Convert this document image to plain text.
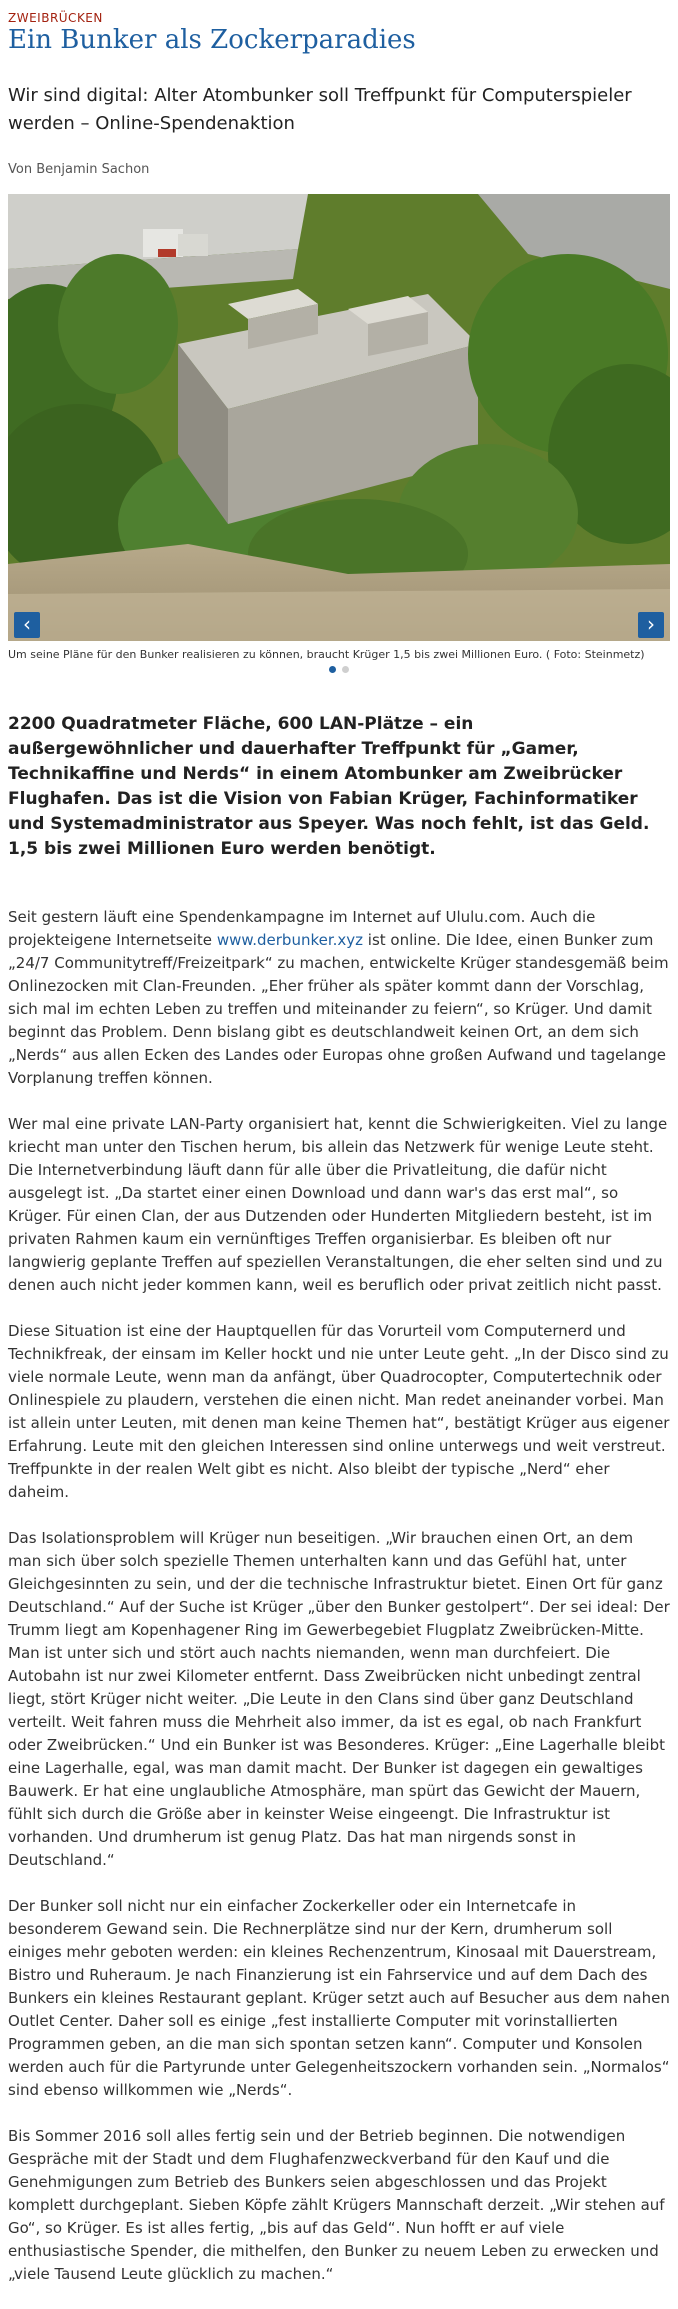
ZWEIBRÜCKEN
Ein Bunker als Zockerparadies
Wir sind digital: Alter Atombunker soll Treffpunkt für Computerspieler werden – Online-Spendenaktion
Von Benjamin Sachon
‹	›
Um seine Pläne für den Bunker realisieren zu können, braucht Krüger 1,5 bis zwei Millionen Euro. ( Foto: Steinmetz)
2200 Quadratmeter Fläche, 600 LAN-Plätze – ein außergewöhnlicher und dauerhafter Treffpunkt für „Gamer, Technikaffine und Nerds“ in einem Atombunker am Zweibrücker Flughafen. Das ist die Vision von Fabian Krüger, Fachinformatiker und Systemadministrator aus Speyer. Was noch fehlt, ist das Geld. 1,5 bis zwei Millionen Euro werden benötigt.

Seit gestern läuft eine Spendenkampagne im Internet auf Ululu.com. Auch die projekteigene Internetseite www.derbunker.xyz ist online. Die Idee, einen Bunker zum „24/7 Communitytreff/Freizeitpark“ zu machen, entwickelte Krüger standesgemäß beim Onlinezocken mit Clan-Freunden. „Eher früher als später kommt dann der Vorschlag, sich mal im echten Leben zu treffen und miteinander zu feiern“, so Krüger. Und damit beginnt das Problem. Denn bislang gibt es deutschlandweit keinen Ort, an dem sich „Nerds“ aus allen Ecken des Landes oder Europas ohne großen Aufwand und tagelange Vorplanung treffen können.

Wer mal eine private LAN-Party organisiert hat, kennt die Schwierigkeiten. Viel zu lange kriecht man unter den Tischen herum, bis allein das Netzwerk für wenige Leute steht. Die Internetverbindung läuft dann für alle über die Privatleitung, die dafür nicht ausgelegt ist. „Da startet einer einen Download und dann war's das erst mal“, so Krüger. Für einen Clan, der aus Dutzenden oder Hunderten Mitgliedern besteht, ist im privaten Rahmen kaum ein vernünftiges Treffen organisierbar. Es bleiben oft nur langwierig geplante Treffen auf speziellen Veranstaltungen, die eher selten sind und zu denen auch nicht jeder kommen kann, weil es beruflich oder privat zeitlich nicht passt.

Diese Situation ist eine der Hauptquellen für das Vorurteil vom Computernerd und Technikfreak, der einsam im Keller hockt und nie unter Leute geht. „In der Disco sind zu viele normale Leute, wenn man da anfängt, über Quadrocopter, Computertechnik oder Onlinespiele zu plaudern, verstehen die einen nicht. Man redet aneinander vorbei. Man ist allein unter Leuten, mit denen man keine Themen hat“, bestätigt Krüger aus eigener Erfahrung. Leute mit den gleichen Interessen sind online unterwegs und weit verstreut. Treffpunkte in der realen Welt gibt es nicht. Also bleibt der typische „Nerd“ eher daheim.

Das Isolationsproblem will Krüger nun beseitigen. „Wir brauchen einen Ort, an dem man sich über solch spezielle Themen unterhalten kann und das Gefühl hat, unter Gleichgesinnten zu sein, und der die technische Infrastruktur bietet. Einen Ort für ganz Deutschland.“ Auf der Suche ist Krüger „über den Bunker gestolpert“. Der sei ideal: Der Trumm liegt am Kopenhagener Ring im Gewerbegebiet Flugplatz Zweibrücken-Mitte. Man ist unter sich und stört auch nachts niemanden, wenn man durchfeiert. Die Autobahn ist nur zwei Kilometer entfernt. Dass Zweibrücken nicht unbedingt zentral liegt, stört Krüger nicht weiter. „Die Leute in den Clans sind über ganz Deutschland verteilt. Weit fahren muss die Mehrheit also immer, da ist es egal, ob nach Frankfurt oder Zweibrücken.“ Und ein Bunker ist was Besonderes. Krüger: „Eine Lagerhalle bleibt eine Lagerhalle, egal, was man damit macht. Der Bunker ist dagegen ein gewaltiges Bauwerk. Er hat eine unglaubliche Atmosphäre, man spürt das Gewicht der Mauern, fühlt sich durch die Größe aber in keinster Weise eingeengt. Die Infrastruktur ist vorhanden. Und drumherum ist genug Platz. Das hat man nirgends sonst in Deutschland.“

Der Bunker soll nicht nur ein einfacher Zockerkeller oder ein Internetcafe in besonderem Gewand sein. Die Rechnerplätze sind nur der Kern, drumherum soll einiges mehr geboten werden: ein kleines Rechenzentrum, Kinosaal mit Dauerstream, Bistro und Ruheraum. Je nach Finanzierung ist ein Fahrservice und auf dem Dach des Bunkers ein kleines Restaurant geplant. Krüger setzt auch auf Besucher aus dem nahen Outlet Center. Daher soll es einige „fest installierte Computer mit vorinstallierten Programmen geben, an die man sich spontan setzen kann“. Computer und Konsolen werden auch für die Partyrunde unter Gelegenheitszockern vorhanden sein. „Normalos“ sind ebenso willkommen wie „Nerds“.

Bis Sommer 2016 soll alles fertig sein und der Betrieb beginnen. Die notwendigen Gespräche mit der Stadt und dem Flughafenzweckverband für den Kauf und die Genehmigungen zum Betrieb des Bunkers seien abgeschlossen und das Projekt komplett durchgeplant. Sieben Köpfe zählt Krügers Mannschaft derzeit. „Wir stehen auf Go“, so Krüger. Es ist alles fertig, „bis auf das Geld“. Nun hofft er auf viele enthusiastische Spender, die mithelfen, den Bunker zu neuem Leben zu erwecken und „viele Tausend Leute glücklich zu machen.“
